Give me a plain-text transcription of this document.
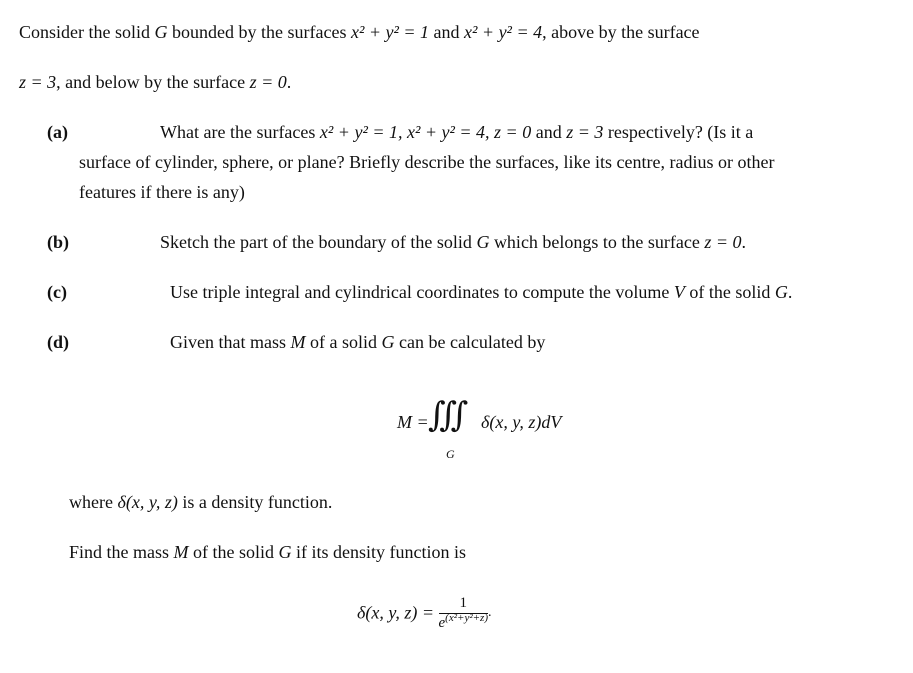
Consider the solid G bounded by the surfaces x² + y² = 1 and x² + y² = 4, above by the surface
z = 3, and below by the surface z = 0.
(a)	What are the surfaces x² + y² = 1, x² + y² = 4, z = 0 and z = 3 respectively? (Is it a
surface of cylinder, sphere, or plane? Briefly describe the surfaces, like its centre, radius or other
features if there is any)
(b)	Sketch the part of the boundary of the solid G which belongs to the surface z = 0.
(c)	Use triple integral and cylindrical coordinates to compute the volume V of the solid G.
(d)	Given that mass M of a solid G can be calculated by
M = ∭
G
δ(x, y, z)dV
where δ(x, y, z) is a density function.
Find the mass M of the solid G if its density function is
δ(x, y, $z) = \frac{1}{e^{(x^2+y^2+z)}}$ .
